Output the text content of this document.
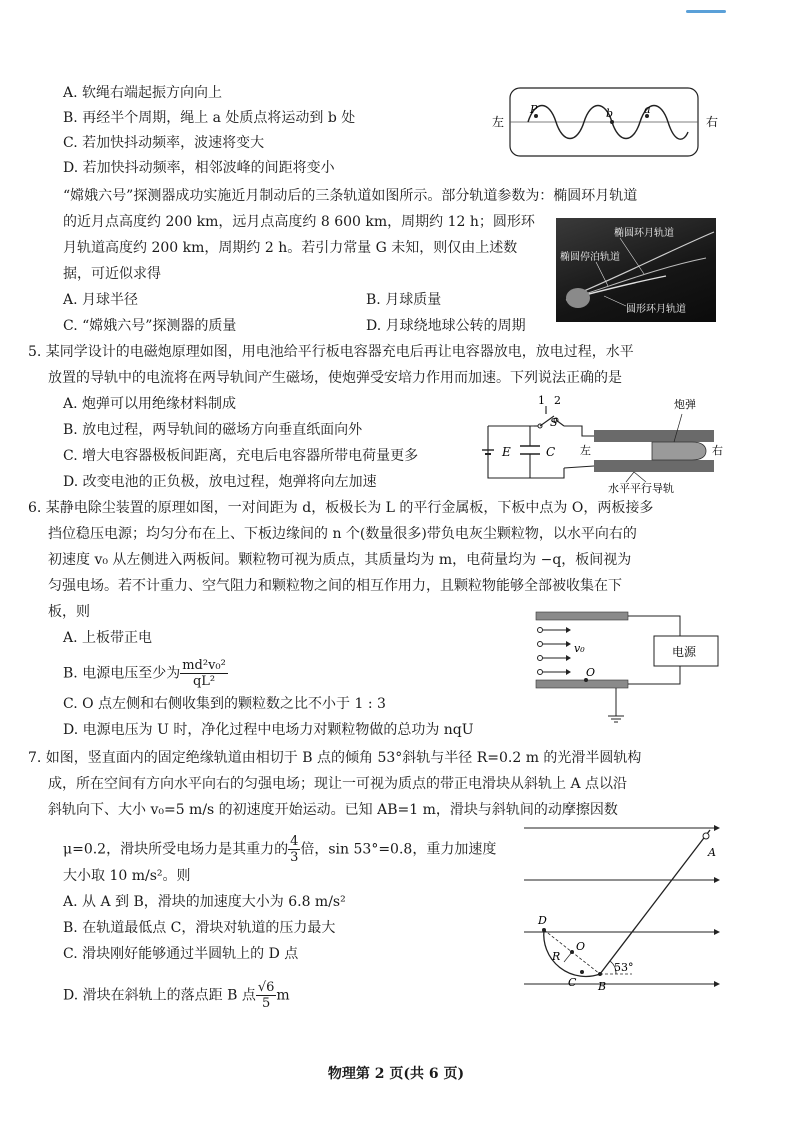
A. 软绳右端起振方向向上
B. 再经半个周期，绳上 a 处质点将运动到 b 处
C. 若加快抖动频率，波速将变大
D. 若加快抖动频率，相邻波峰的间距将变小
左	右
P	b	a
“嫦娥六号”探测器成功实施近月制动后的三条轨道如图所示。部分轨道参数为：椭圆环月轨道
的近月点高度约 200 km，远月点高度约 8 600 km，周期约 12 h；圆形环
月轨道高度约 200 km，周期约 2 h。若引力常量 G 未知，则仅由上述数
据，可近似求得
A. 月球半径	B. 月球质量
C. “嫦娥六号”探测器的质量	D. 月球绕地球公转的周期
椭圆环月轨道
椭圆停泊轨道
圆形环月轨道
5. 某同学设计的电磁炮原理如图，用电池给平行板电容器充电后再让电容器放电，放电过程，水平
放置的导轨中的电流将在两导轨间产生磁场，使炮弹受安培力作用而加速。下列说法正确的是
A. 炮弹可以用绝缘材料制成
B. 放电过程，两导轨间的磁场方向垂直纸面向外
C. 增大电容器极板间距离，充电后电容器所带电荷量更多
D. 改变电池的正负极，放电过程，炮弹将向左加速
1 2
S
E	C 左	右
炮弹
水平平行导轨
6. 某静电除尘装置的原理如图，一对间距为 d，板极长为 L 的平行金属板，下板中点为 O，两板接多
挡位稳压电源；均匀分布在上、下板边缘间的 n 个(数量很多)带负电灰尘颗粒物，以水平向右的
初速度 v₀ 从左侧进入两板间。颗粒物可视为质点，其质量均为 m，电荷量均为 −q，板间视为
匀强电场。若不计重力、空气阻力和颗粒物之间的相互作用力，且颗粒物能够全部被收集在下
板，则
A. 上板带正电
B. 电源电压至少为 $\frac{\text{md²v₀²}}{\text{qL²}}$
C. O 点左侧和右侧收集到的颗粒数之比不小于 1 : 3
D. 电源电压为 U 时，净化过程中电场力对颗粒物做的总功为 nqU
v₀
O
电源
7. 如图，竖直面内的固定绝缘轨道由相切于 B 点的倾角 53°斜轨与半径 R=0.2 m 的光滑半圆轨构
成，所在空间有方向水平向右的匀强电场；现让一可视为质点的带正电滑块从斜轨上 A 点以沿
斜轨向下、大小 v₀=5 m/s 的初速度开始运动。已知 AB=1 m，滑块与斜轨间的动摩擦因数
μ=0.2，滑块所受电场力是其重力的 $\frac{4}{3}$ 倍，sin 53°=0.8，重力加速度
大小取 10 m/s²。则
A. 从 A 到 B，滑块的加速度大小为 6.8 m/s²
B. 在轨道最低点 C，滑块对轨道的压力最大
C. 滑块刚好能够通过半圆轨上的 D 点
D. 滑块在斜轨上的落点距 B 点 $\frac{√6}{5}$ m
A
B
C
D
O
R
53°
物理第 2 页(共 6 页)
